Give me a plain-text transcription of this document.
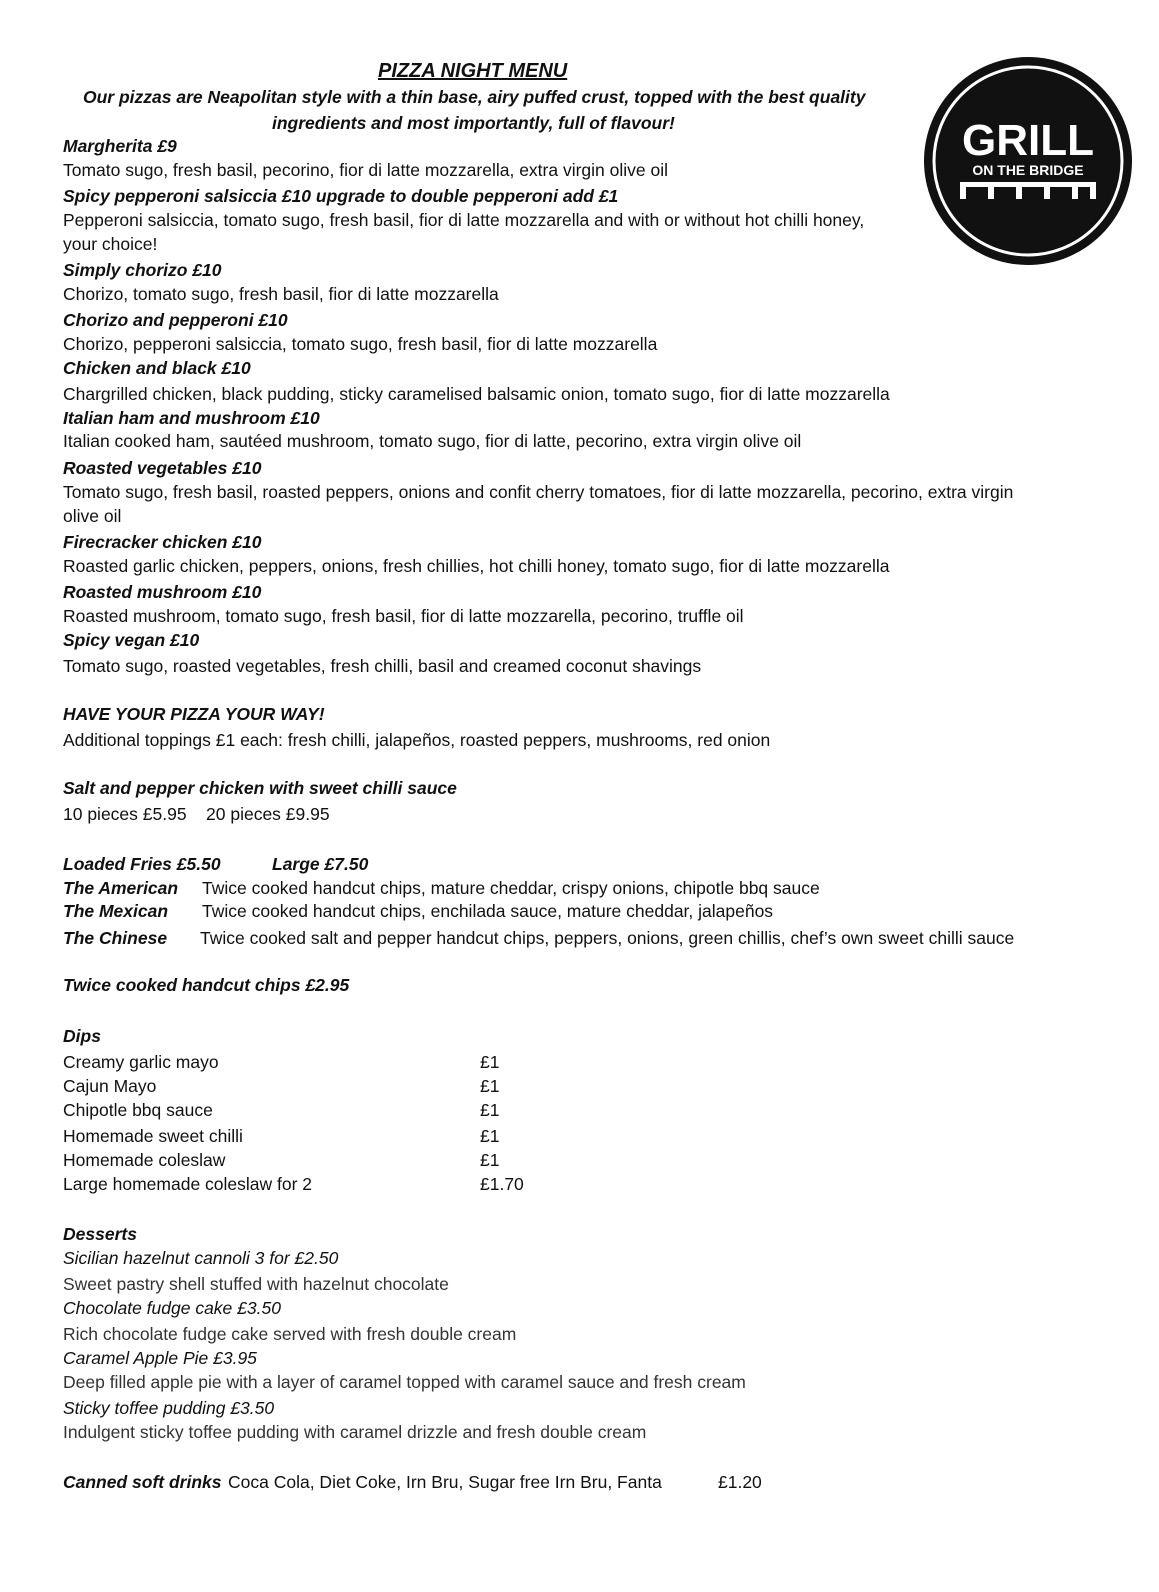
PIZZA NIGHT MENU
Our pizzas are Neapolitan style with a thin base, airy puffed crust, topped with the best quality
ingredients and most importantly, full of flavour!	GRILL
ON THE BRIDGE
Margherita £9
Tomato sugo, fresh basil, pecorino, fior di latte mozzarella, extra virgin olive oil
Spicy pepperoni salsiccia £10 upgrade to double pepperoni add £1
Pepperoni salsiccia, tomato sugo, fresh basil, fior di latte mozzarella and with or without hot chilli honey, your choice!
Simply chorizo £10
Chorizo, tomato sugo, fresh basil, fior di latte mozzarella
Chorizo and pepperoni £10
Chorizo, pepperoni salsiccia, tomato sugo, fresh basil, fior di latte mozzarella
Chicken and black £10
Chargrilled chicken, black pudding, sticky caramelised balsamic onion, tomato sugo, fior di latte mozzarella
Italian ham and mushroom £10
Italian cooked ham, sautéed mushroom, tomato sugo, fior di latte, pecorino, extra virgin olive oil
Roasted vegetables £10
Tomato sugo, fresh basil, roasted peppers, onions and confit cherry tomatoes, fior di latte mozzarella, pecorino, extra virgin olive oil
Firecracker chicken £10
Roasted garlic chicken, peppers, onions, fresh chillies, hot chilli honey, tomato sugo, fior di latte mozzarella
Roasted mushroom £10
Roasted mushroom, tomato sugo, fresh basil, fior di latte mozzarella, pecorino, truffle oil
Spicy vegan £10
Tomato sugo, roasted vegetables, fresh chilli, basil and creamed coconut shavings
HAVE YOUR PIZZA YOUR WAY!
Additional toppings £1 each: fresh chilli, jalapeños, roasted peppers, mushrooms, red onion
Salt and pepper chicken with sweet chilli sauce
10 pieces £5.95    20 pieces £9.95
Loaded Fries £5.50	Large £7.50
The American Twice cooked handcut chips, mature cheddar, crispy onions, chipotle bbq sauce
The Mexican Twice cooked handcut chips, enchilada sauce, mature cheddar, jalapeños
The Chinese Twice cooked salt and pepper handcut chips, peppers, onions, green chillis, chef’s own sweet chilli sauce
Twice cooked handcut chips £2.95
Dips
Creamy garlic mayo	£1
Cajun Mayo	£1
Chipotle bbq sauce	£1
Homemade sweet chilli	£1
Homemade coleslaw	£1
Large homemade coleslaw for 2	£1.70
Desserts
Sicilian hazelnut cannoli 3 for £2.50
Sweet pastry shell stuffed with hazelnut chocolate
Chocolate fudge cake £3.50
Rich chocolate fudge cake served with fresh double cream
Caramel Apple Pie £3.95
Deep filled apple pie with a layer of caramel topped with caramel sauce and fresh cream
Sticky toffee pudding £3.50
Indulgent sticky toffee pudding with caramel drizzle and fresh double cream
Canned soft drinks Coca Cola, Diet Coke, Irn Bru, Sugar free Irn Bru, Fanta	£1.20
